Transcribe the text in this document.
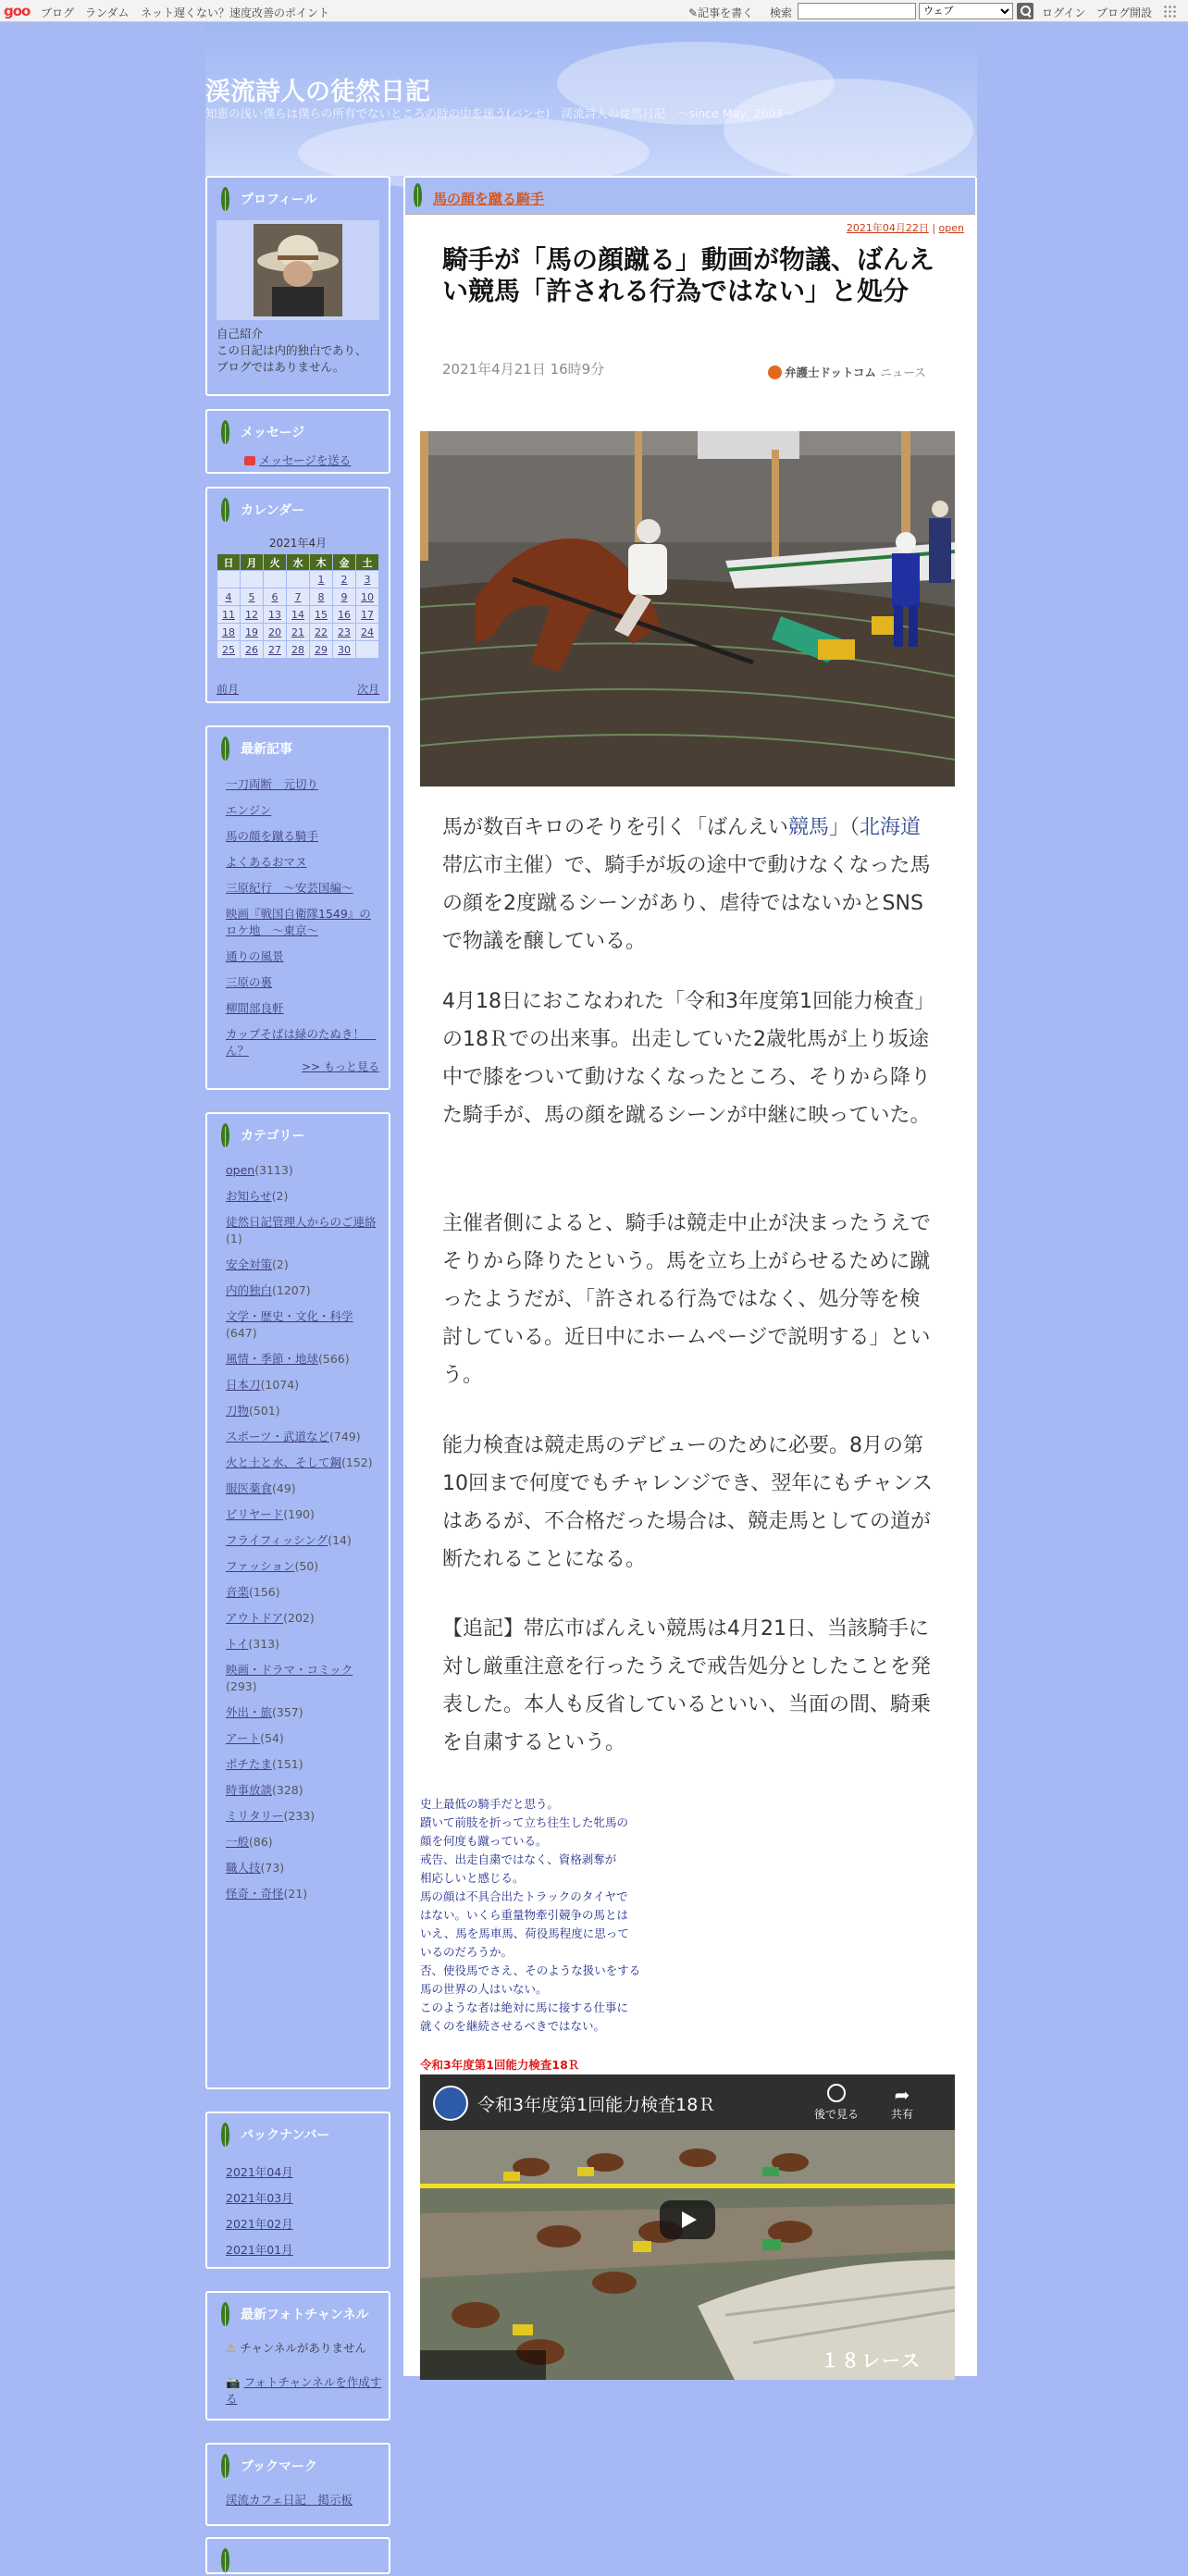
goo ブログ ランダム ネット遅くない？速度改善のポイント	✎記事を書く 検索
ウェブ	ログイン ブログ開設
渓流詩人の徒然日記
知恵の浅い僕らは僕らの所有でないところの時の中を迷う(パンセ)　渓流詩人の徒然日記　～since May, 2003～
プロフィール
自己紹介
この日記は内的独白であり、
ブログではありません。
メッセージ
メッセージを送る
カレンダー
2021年4月
日	月	火	水	木	金	土
				1	2	3
4	5	6	7	8	9	10
11	12	13	14	15	16	17
18	19	20	21	22	23	24
25	26	27	28	29	30	
前月	次月
最新記事
一刀両断　元切り
エンジン
馬の顔を蹴る騎手
よくあるおマヌ
三原紀行　〜安芸国編〜
映画『戦国自衛隊1549』のロケ地　〜東京〜
通りの風景
三原の裏
柳間部良軒
カップそばは緑のたぬき！　ん？
>> もっと見る
カテゴリー
open(3113)
お知らせ(2)
徒然日記管理人からのご連絡(1)
安全対策(2)
内的独白(1207)
文学・歴史・文化・科学(647)
風情・季節・地球(566)
日本刀(1074)
刀物(501)
スポーツ・武道など(749)
火と土と水、そして鋼(152)
服医薬食(49)
ビリヤード(190)
フライフィッシング(14)
ファッション(50)
音楽(156)
アウトドア(202)
トイ(313)
映画・ドラマ・コミック(293)
外出・旅(357)
アート(54)
ポチたま(151)
時事放談(328)
ミリタリー(233)
一般(86)
職人技(73)
怪奇・奇怪(21)
バックナンバー
2021年04月
2021年03月
2021年02月
2021年01月
最新フォトチャンネル
⚠ チャンネルがありません
📷 フォトチャンネルを作成する
ブックマーク
渓流カフェ日記　掲示板
馬の顔を蹴る騎手
2021年04月22日 | open
騎手が「馬の顔蹴る」動画が物議、ばんえい競馬「許される行為ではない」と処分
2021年4月21日 16時9分	弁護士ドットコム ニュース
馬が数百キロのそりを引く「ばんえい競馬」（北海道帯広市主催）で、騎手が坂の途中で動けなくなった馬の顔を2度蹴るシーンがあり、虐待ではないかとSNSで物議を醸している。
4月18日におこなわれた「令和3年度第1回能力検査」の18Ｒでの出来事。出走していた2歳牝馬が上り坂途中で膝をついて動けなくなったところ、そりから降りた騎手が、馬の顔を蹴るシーンが中継に映っていた。
主催者側によると、騎手は競走中止が決まったうえでそりから降りたという。馬を立ち上がらせるために蹴ったようだが、「許される行為ではなく、処分等を検討している。近日中にホームページで説明する」という。
能力検査は競走馬のデビューのために必要。8月の第10回まで何度でもチャレンジでき、翌年にもチャンスはあるが、不合格だった場合は、競走馬としての道が断たれることになる。
【追記】帯広市ばんえい競馬は4月21日、当該騎手に対し厳重注意を行ったうえで戒告処分としたことを発表した。本人も反省しているといい、当面の間、騎乗を自粛するという。
史上最低の騎手だと思う。
蹟いて前肢を折って立ち往生した牝馬の
顔を何度も蹴っている。
戒告、出走自粛ではなく、資格剥奪が
相応しいと感じる。
馬の顔は不具合出たトラックのタイヤで
はない。いくら重量物牽引競争の馬とは
いえ、馬を馬車馬、荷役馬程度に思って
いるのだろうか。
否、使役馬でさえ、そのような扱いをする
馬の世界の人はいない。
このような者は絶対に馬に接する仕事に
就くのを継続させるべきではない。
令和3年度第1回能力検査18Ｒ
令和3年度第1回能力検査18Ｒ	後で見る
➦
共有
１８レース
